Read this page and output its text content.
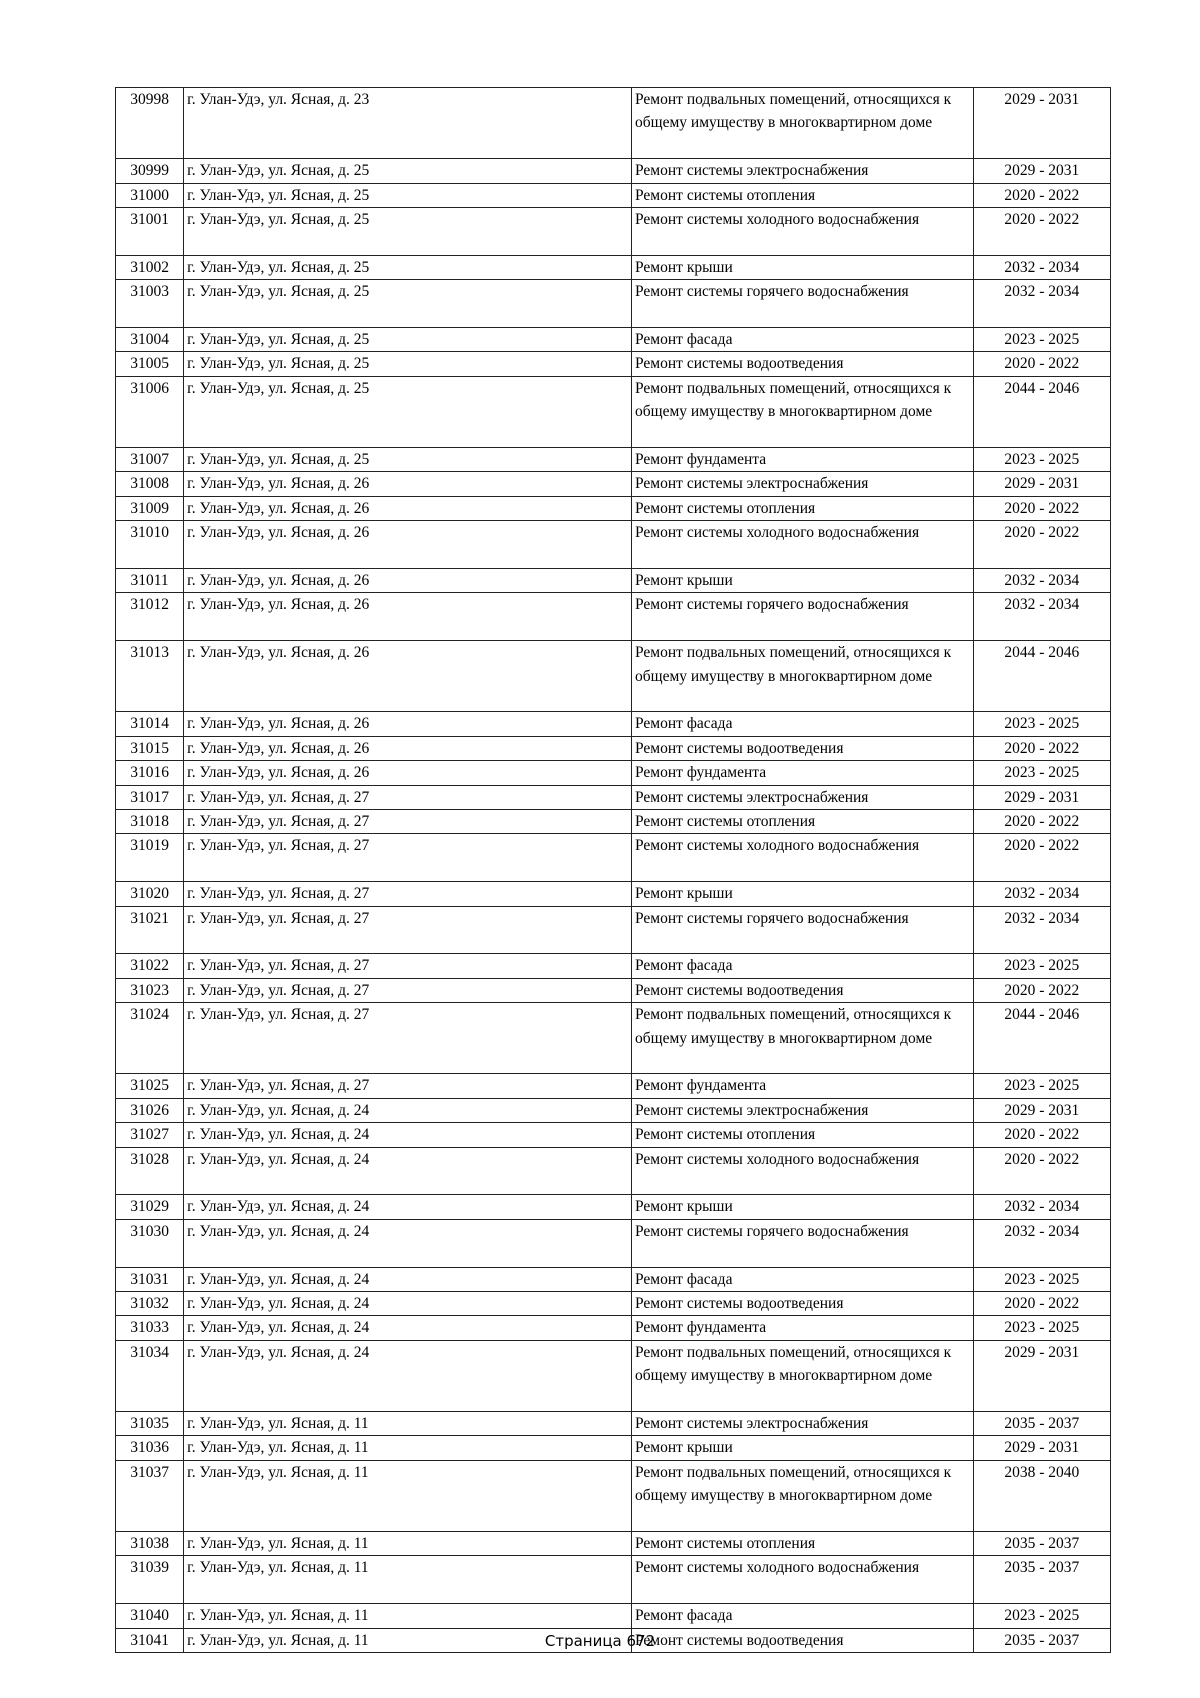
30998	г. Улан-Удэ, ул. Ясная, д. 23	Ремонт подвальных помещений, относящихся к общему имуществу в многоквартирном доме	2029 - 2031
30999	г. Улан-Удэ, ул. Ясная, д. 25	Ремонт системы электроснабжения	2029 - 2031
31000	г. Улан-Удэ, ул. Ясная, д. 25	Ремонт системы отопления	2020 - 2022
31001	г. Улан-Удэ, ул. Ясная, д. 25	Ремонт системы холодного водоснабжения	2020 - 2022
31002	г. Улан-Удэ, ул. Ясная, д. 25	Ремонт крыши	2032 - 2034
31003	г. Улан-Удэ, ул. Ясная, д. 25	Ремонт системы горячего водоснабжения	2032 - 2034
31004	г. Улан-Удэ, ул. Ясная, д. 25	Ремонт фасада	2023 - 2025
31005	г. Улан-Удэ, ул. Ясная, д. 25	Ремонт системы водоотведения	2020 - 2022
31006	г. Улан-Удэ, ул. Ясная, д. 25	Ремонт подвальных помещений, относящихся к общему имуществу в многоквартирном доме	2044 - 2046
31007	г. Улан-Удэ, ул. Ясная, д. 25	Ремонт фундамента	2023 - 2025
31008	г. Улан-Удэ, ул. Ясная, д. 26	Ремонт системы электроснабжения	2029 - 2031
31009	г. Улан-Удэ, ул. Ясная, д. 26	Ремонт системы отопления	2020 - 2022
31010	г. Улан-Удэ, ул. Ясная, д. 26	Ремонт системы холодного водоснабжения	2020 - 2022
31011	г. Улан-Удэ, ул. Ясная, д. 26	Ремонт крыши	2032 - 2034
31012	г. Улан-Удэ, ул. Ясная, д. 26	Ремонт системы горячего водоснабжения	2032 - 2034
31013	г. Улан-Удэ, ул. Ясная, д. 26	Ремонт подвальных помещений, относящихся к общему имуществу в многоквартирном доме	2044 - 2046
31014	г. Улан-Удэ, ул. Ясная, д. 26	Ремонт фасада	2023 - 2025
31015	г. Улан-Удэ, ул. Ясная, д. 26	Ремонт системы водоотведения	2020 - 2022
31016	г. Улан-Удэ, ул. Ясная, д. 26	Ремонт фундамента	2023 - 2025
31017	г. Улан-Удэ, ул. Ясная, д. 27	Ремонт системы электроснабжения	2029 - 2031
31018	г. Улан-Удэ, ул. Ясная, д. 27	Ремонт системы отопления	2020 - 2022
31019	г. Улан-Удэ, ул. Ясная, д. 27	Ремонт системы холодного водоснабжения	2020 - 2022
31020	г. Улан-Удэ, ул. Ясная, д. 27	Ремонт крыши	2032 - 2034
31021	г. Улан-Удэ, ул. Ясная, д. 27	Ремонт системы горячего водоснабжения	2032 - 2034
31022	г. Улан-Удэ, ул. Ясная, д. 27	Ремонт фасада	2023 - 2025
31023	г. Улан-Удэ, ул. Ясная, д. 27	Ремонт системы водоотведения	2020 - 2022
31024	г. Улан-Удэ, ул. Ясная, д. 27	Ремонт подвальных помещений, относящихся к общему имуществу в многоквартирном доме	2044 - 2046
31025	г. Улан-Удэ, ул. Ясная, д. 27	Ремонт фундамента	2023 - 2025
31026	г. Улан-Удэ, ул. Ясная, д. 24	Ремонт системы электроснабжения	2029 - 2031
31027	г. Улан-Удэ, ул. Ясная, д. 24	Ремонт системы отопления	2020 - 2022
31028	г. Улан-Удэ, ул. Ясная, д. 24	Ремонт системы холодного водоснабжения	2020 - 2022
31029	г. Улан-Удэ, ул. Ясная, д. 24	Ремонт крыши	2032 - 2034
31030	г. Улан-Удэ, ул. Ясная, д. 24	Ремонт системы горячего водоснабжения	2032 - 2034
31031	г. Улан-Удэ, ул. Ясная, д. 24	Ремонт фасада	2023 - 2025
31032	г. Улан-Удэ, ул. Ясная, д. 24	Ремонт системы водоотведения	2020 - 2022
31033	г. Улан-Удэ, ул. Ясная, д. 24	Ремонт фундамента	2023 - 2025
31034	г. Улан-Удэ, ул. Ясная, д. 24	Ремонт подвальных помещений, относящихся к общему имуществу в многоквартирном доме	2029 - 2031
31035	г. Улан-Удэ, ул. Ясная, д. 11	Ремонт системы электроснабжения	2035 - 2037
31036	г. Улан-Удэ, ул. Ясная, д. 11	Ремонт крыши	2029 - 2031
31037	г. Улан-Удэ, ул. Ясная, д. 11	Ремонт подвальных помещений, относящихся к общему имуществу в многоквартирном доме	2038 - 2040
31038	г. Улан-Удэ, ул. Ясная, д. 11	Ремонт системы отопления	2035 - 2037
31039	г. Улан-Удэ, ул. Ясная, д. 11	Ремонт системы холодного водоснабжения	2035 - 2037
31040	г. Улан-Удэ, ул. Ясная, д. 11	Ремонт фасада	2023 - 2025
31041	г. Улан-Удэ, ул. Ясная, д. 11	Ремонт системы водоотведения	2035 - 2037
Страница 672
